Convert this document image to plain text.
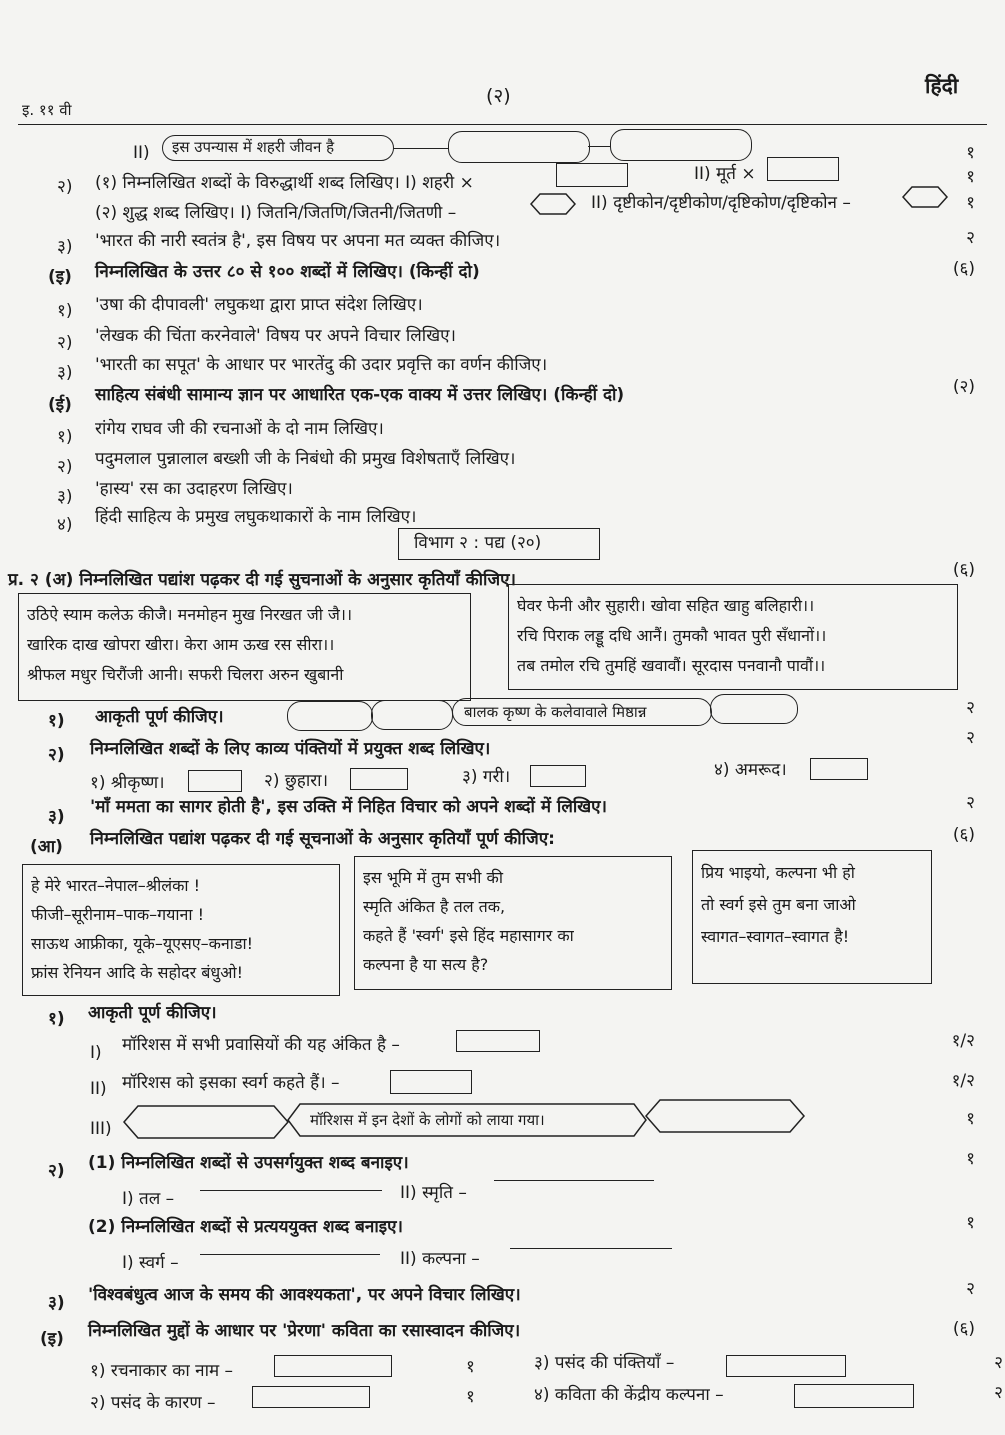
इ. ११ वी
(२)	हिंदी
II) इस उपन्यास में शहरी जीवन है	१
२) (१) निम्नलिखित शब्दों के विरुद्धार्थी शब्द लिखिए। I) शहरी ×	II) मूर्त ×	१
(२) शुद्ध शब्द लिखिए। I) जितनि/जितणि/जितनी/जितणी –	II) दृष्टीकोन/दृष्टीकोण/दृष्टिकोण/दृष्टिकोन –	१
३) 'भारत की नारी स्वतंत्र है', इस विषय पर अपना मत व्यक्त कीजिए।	२
(इ) निम्नलिखित के उत्तर ८० से १०० शब्दों में लिखिए। (किन्हीं दो)	(६)
१) 'उषा की दीपावली' लघुकथा द्वारा प्राप्त संदेश लिखिए।
२) 'लेखक की चिंता करनेवाले' विषय पर अपने विचार लिखिए।
३) 'भारती का सपूत' के आधार पर भारतेंदु की उदार प्रवृत्ति का वर्णन कीजिए।
(ई) साहित्य संबंधी सामान्य ज्ञान पर आधारित एक-एक वाक्य में उत्तर लिखिए। (किन्हीं दो)	(२)
१) रांगेय राघव जी की रचनाओं के दो नाम लिखिए।
२) पदुमलाल पुन्नालाल बख्शी जी के निबंधो की प्रमुख विशेषताएँ लिखिए।
३) 'हास्य' रस का उदाहरण लिखिए।
४) हिंदी साहित्य के प्रमुख लघुकथाकारों के नाम लिखिए।
विभाग २ : पद्य (२०)
प्र. २ (अ) निम्नलिखित पद्यांश पढ़कर दी गई सुचनाओं के अनुसार कृतियाँ कीजिए।	(६)
उठिऐ स्याम कलेऊ कीजै। मनमोहन मुख निरखत जी जै।।
खारिक दाख खोपरा खीरा। केरा आम ऊख रस सीरा।।
श्रीफल मधुर चिरौंजी आनी। सफरी चिलरा अरुन खुबानी
घेवर फेनी और सुहारी। खोवा सहित खाहु बलिहारी।।
रचि पिराक लड्डू दधि आनैं। तुमकौ भावत पुरी सँधानों।।
तब तमोल रचि तुमहिं खवावौं। सूरदास पनवानौ पावौं।।
१) आकृती पूर्ण कीजिए।	बालक कृष्ण के कलेवावाले मिष्ठान्न	२
२) निम्नलिखित शब्दों के लिए काव्य पंक्तियों में प्रयुक्त शब्द लिखिए।
२
१) श्रीकृष्ण।	२) छुहारा।	३) गरी।	४) अमरूद।
३) 'माँ ममता का सागर होती है', इस उक्ति में निहित विचार को अपने शब्दों में लिखिए।	२
(आ) निम्नलिखित पद्यांश पढ़कर दी गई सूचनाओं के अनुसार कृतियाँ पूर्ण कीजिए:	(६)
हे मेरे भारत–नेपाल–श्रीलंका !
फीजी–सूरीनाम–पाक–गयाना !
साऊथ आफ्रीका, यूके–यूएसए–कनाडा!
फ्रांस रेनियन आदि के सहोदर बंधुओ!
इस भूमि में तुम सभी की
स्मृति अंकित है तल तक,
कहते हैं 'स्वर्ग' इसे हिंद महासागर का
कल्पना है या सत्य है?
प्रिय भाइयो, कल्पना भी हो
तो स्वर्ग इसे तुम बना जाओ
स्वागत–स्वागत–स्वागत है!
१) आकृती पूर्ण कीजिए।
I) मॉरिशस में सभी प्रवासियों की यह अंकित है –	१/२
II) मॉरिशस को इसका स्वर्ग कहते हैं। –	१/२
III)	मॉरिशस में इन देशों के लोगों को लाया गया।	१
२) (1) निम्नलिखित शब्दों से उपसर्गयुक्त शब्द बनाइए।	१
I) तल –	II) स्मृति –
(2) निम्नलिखित शब्दों से प्रत्यययुक्त शब्द बनाइए।	१
I) स्वर्ग –	II) कल्पना –
३) 'विश्वबंधुत्व आज के समय की आवश्यकता', पर अपने विचार लिखिए।	२
(इ) निम्नलिखित मुद्दों के आधार पर 'प्रेरणा' कविता का रसास्वादन कीजिए।	(६)
१) रचनाकार का नाम –	१	३) पसंद की पंक्तियाँ –	२
२) पसंद के कारण –	१	४) कविता की केंद्रीय कल्पना –	२
